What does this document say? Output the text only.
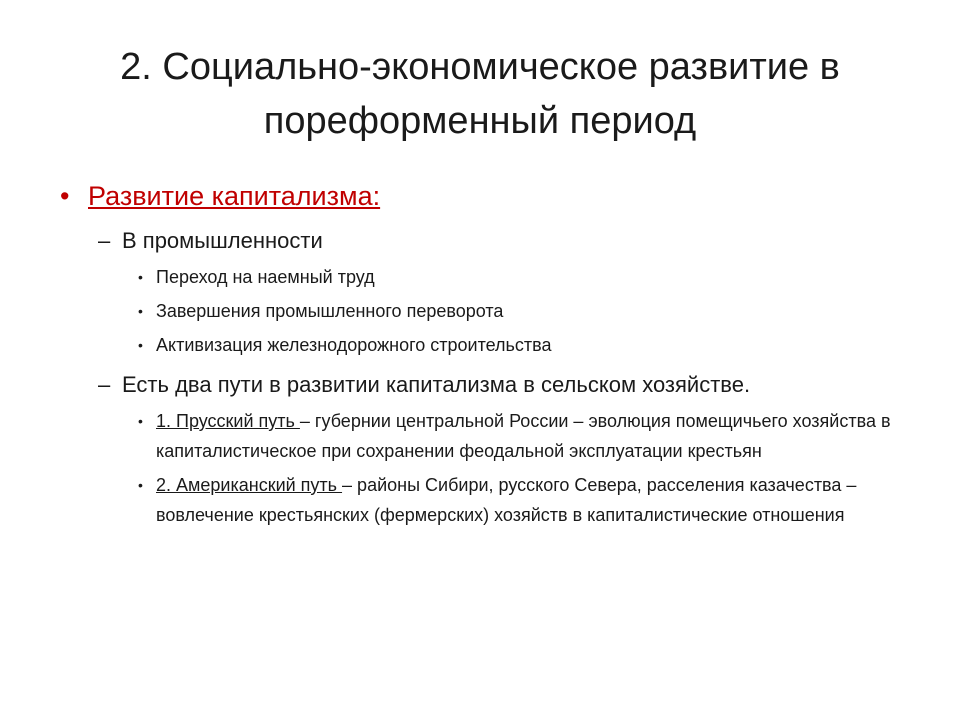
2. Социально-экономическое развитие в
пореформенный период
• Развитие капитализма:
– В промышленности
• Переход на наемный труд
• Завершения промышленного переворота
• Активизация железнодорожного строительства
– Есть два пути в развитии капитализма в сельском хозяйстве.
• 1. Прусский путь – губернии центральной России – эволюция помещичьего хозяйства в капиталистическое при сохранении феодальной эксплуатации крестьян
• 2. Американский путь – районы Сибири, русского Севера, расселения казачества – вовлечение крестьянских (фермерских) хозяйств в капиталистические отношения
